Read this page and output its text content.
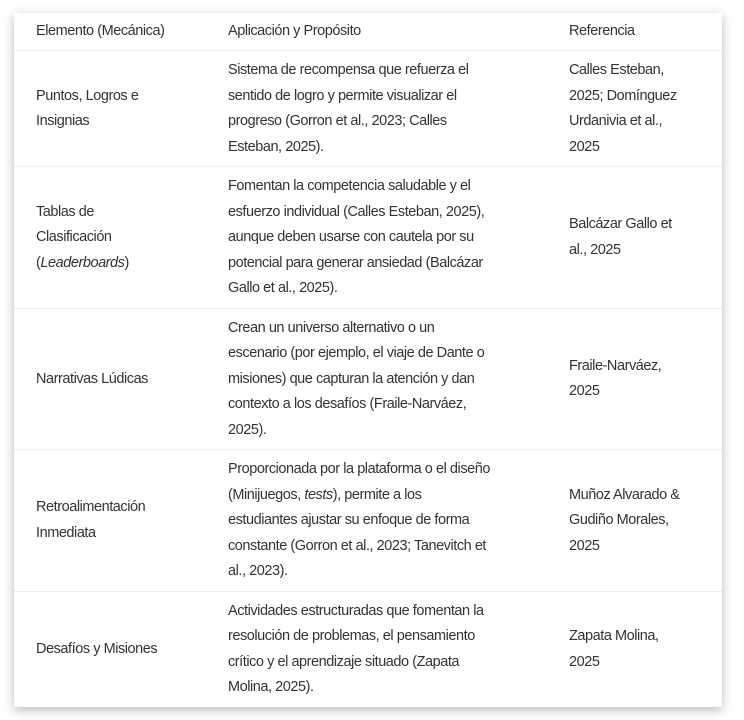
Elemento (Mecánica)	Aplicación y Propósito	Referencia
Puntos, Logros e
Insignias
Sistema de recompensa que refuerza el
sentido de logro y permite visualizar el
progreso (Gorron et al., 2023; Calles
Esteban, 2025).
Calles Esteban,
2025; Domínguez
Urdanivia et al.,
2025
Tablas de
Clasificación
(Leaderboards)
Fomentan la competencia saludable y el
esfuerzo individual (Calles Esteban, 2025),
aunque deben usarse con cautela por su
potencial para generar ansiedad (Balcázar
Gallo et al., 2025).
Balcázar Gallo et
al., 2025
Narrativas Lúdicas
Crean un universo alternativo o un
escenario (por ejemplo, el viaje de Dante o
misiones) que capturan la atención y dan
contexto a los desafíos (Fraile-Narváez,
2025).
Fraile-Narváez,
2025
Retroalimentación
Inmediata
Proporcionada por la plataforma o el diseño
(Minijuegos, tests), permite a los
estudiantes ajustar su enfoque de forma
constante (Gorron et al., 2023; Tanevitch et
al., 2023).
Muñoz Alvarado &
Gudiño Morales,
2025
Desafíos y Misiones
Actividades estructuradas que fomentan la
resolución de problemas, el pensamiento
crítico y el aprendizaje situado (Zapata
Molina, 2025).
Zapata Molina,
2025
